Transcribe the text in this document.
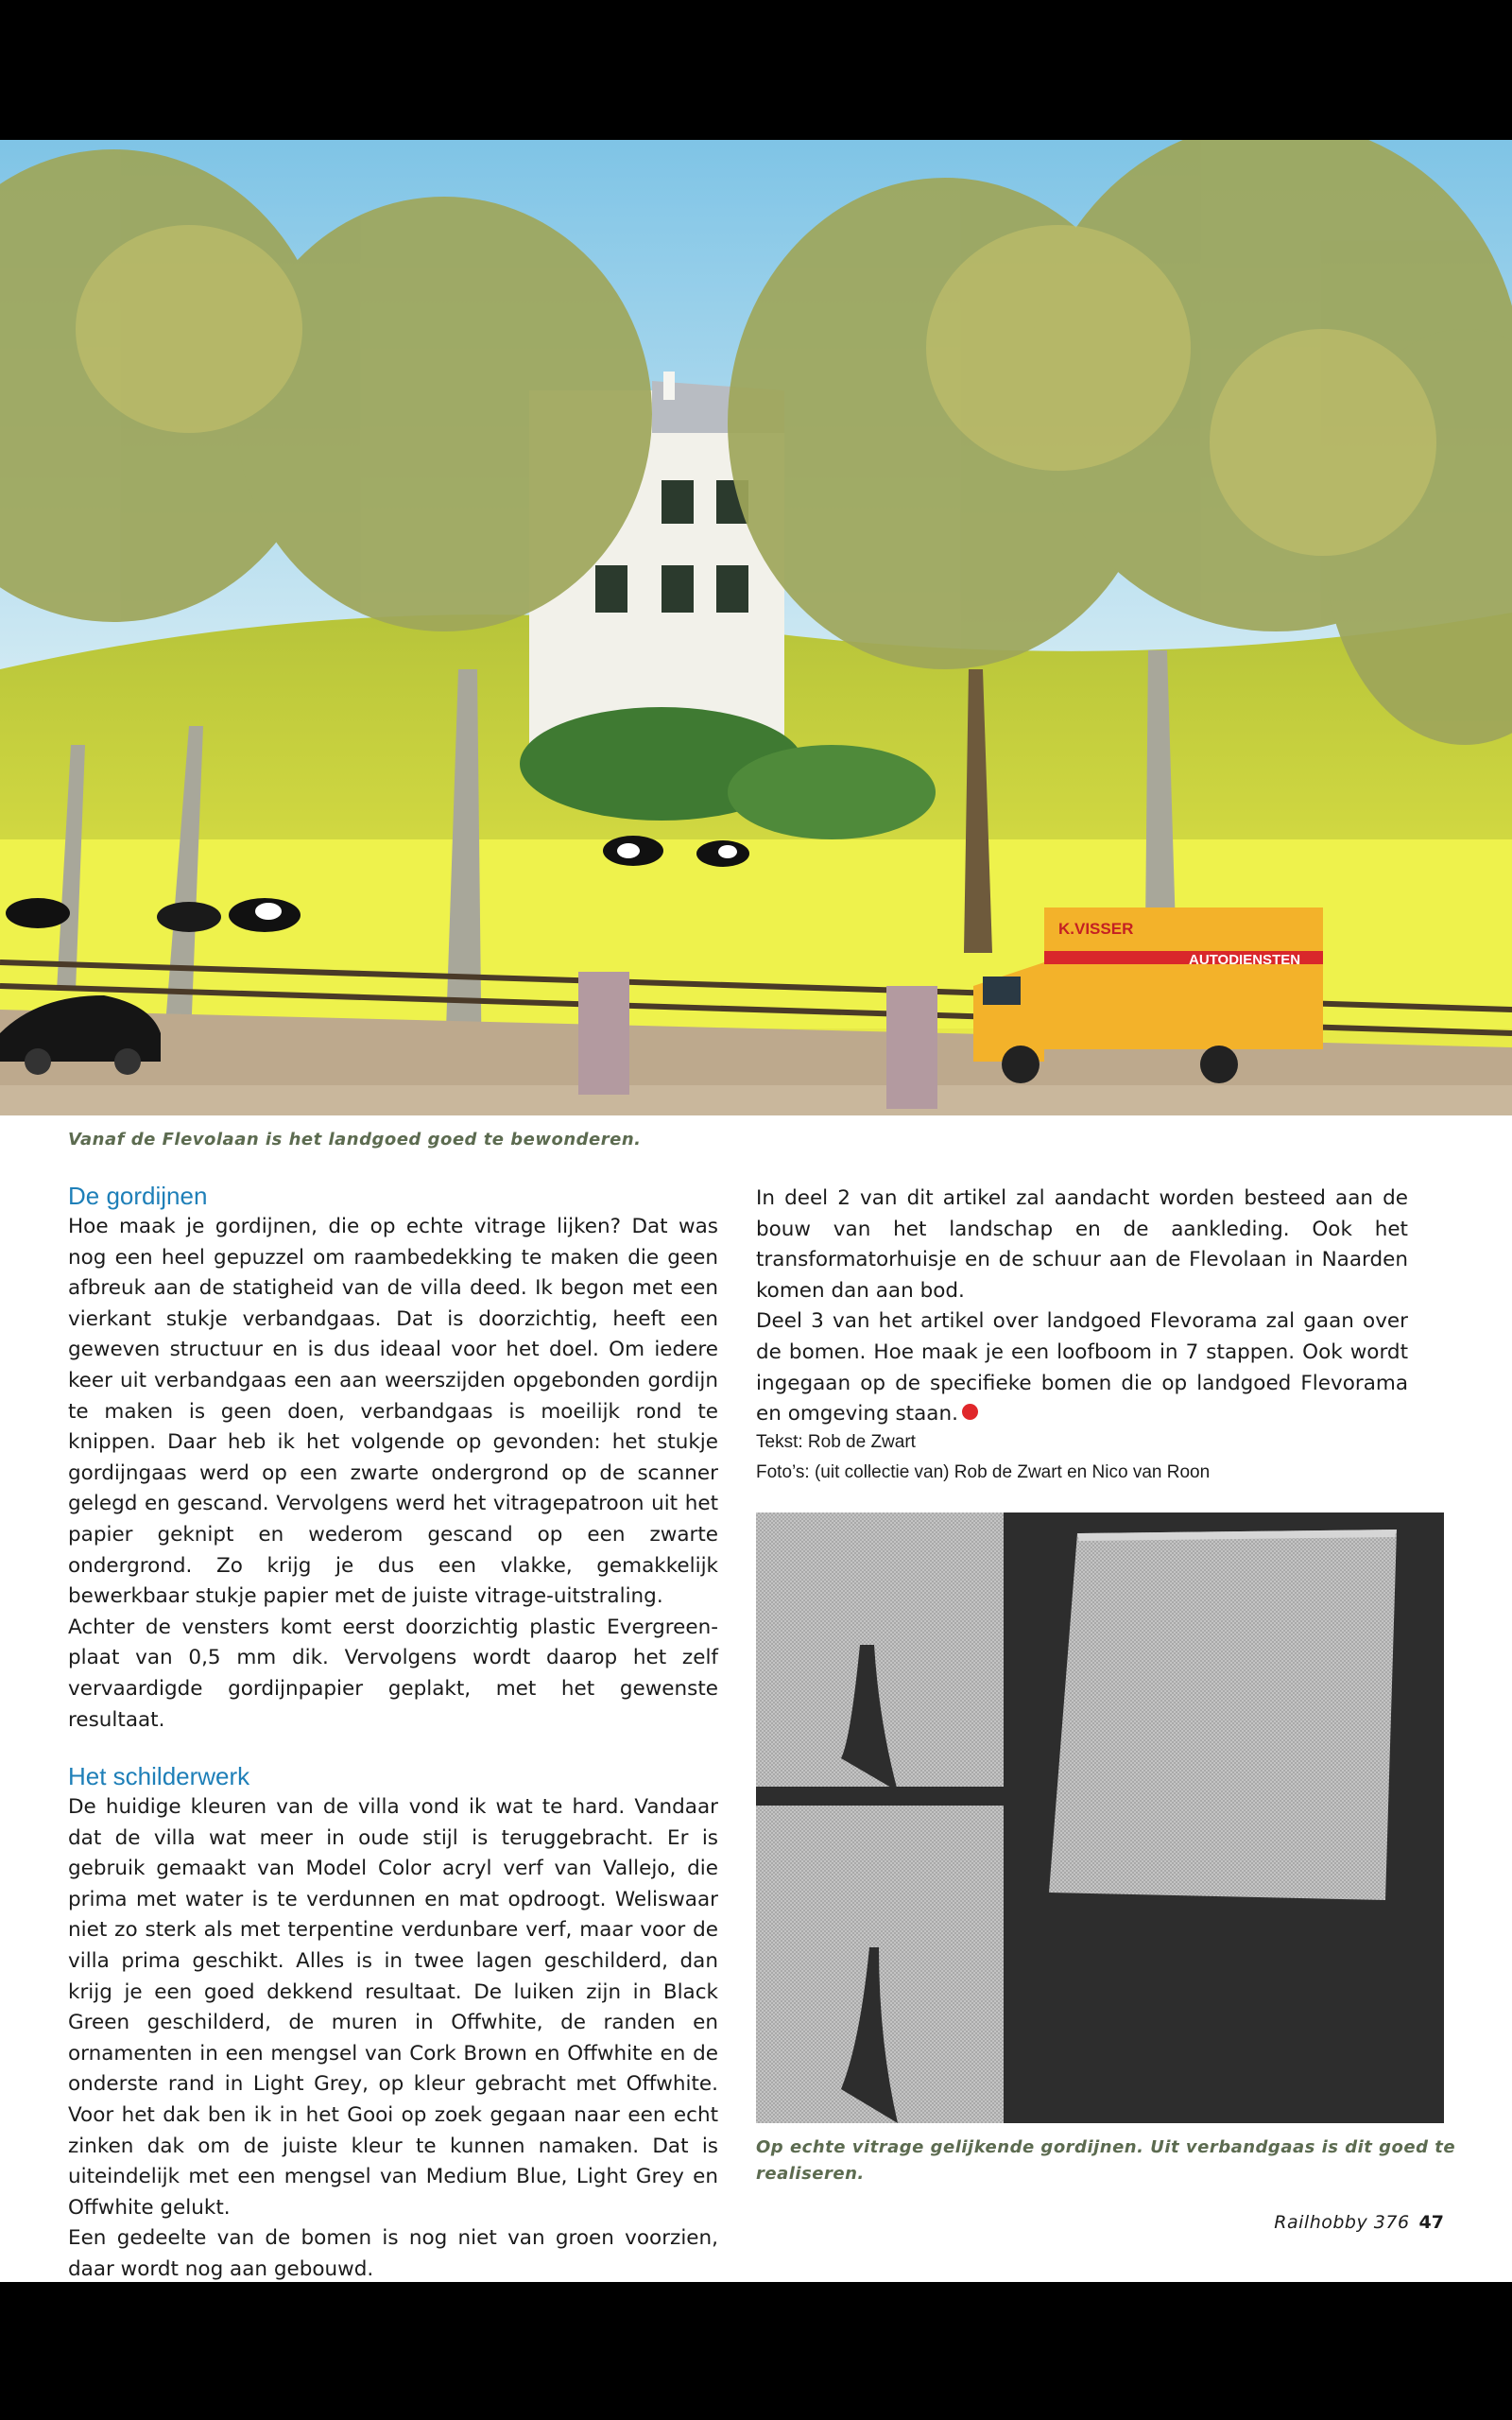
K.VISSER
AUTODIENSTEN
Vanaf de Flevolaan is het landgoed goed te bewonderen.
De gordijnen

Hoe maak je gordijnen, die op echte vitrage lijken? Dat was nog een heel gepuzzel om raambedekking te maken die geen afbreuk aan de statigheid van de villa deed. Ik begon met een vierkant stukje verbandgaas. Dat is doorzichtig, heeft een geweven structuur en is dus ideaal voor het doel. Om iedere keer uit verbandgaas een aan weerszijden opgebonden gordijn te maken is geen doen, verbandgaas is moeilijk rond te knippen. Daar heb ik het volgende op gevonden: het stukje gordijngaas werd op een zwarte ondergrond op de scanner gelegd en gescand. Vervolgens werd het vitragepatroon uit het papier geknipt en wederom gescand op een zwarte ondergrond. Zo krijg je dus een vlakke, gemakkelijk bewerkbaar stukje papier met de juiste vitrage-uitstraling.

Achter de vensters komt eerst doorzichtig plastic Evergreen-plaat van 0,5 mm dik. Vervolgens wordt daarop het zelf vervaardigde gordijnpapier geplakt, met het gewenste resultaat.

Het schilderwerk

De huidige kleuren van de villa vond ik wat te hard. Vandaar dat de villa wat meer in oude stijl is teruggebracht. Er is gebruik gemaakt van Model Color acryl verf van Vallejo, die prima met water is te verdunnen en mat opdroogt. Weliswaar niet zo sterk als met terpentine verdunbare verf, maar voor de villa prima geschikt. Alles is in twee lagen geschilderd, dan krijg je een goed dekkend resultaat. De luiken zijn in Black Green geschilderd, de muren in Offwhite, de randen en ornamenten in een mengsel van Cork Brown en Offwhite en de onderste rand in Light Grey, op kleur gebracht met Offwhite. Voor het dak ben ik in het Gooi op zoek gegaan naar een echt zinken dak om de juiste kleur te kunnen namaken. Dat is uiteindelijk met een mengsel van Medium Blue, Light Grey en Offwhite gelukt.

Een gedeelte van de bomen is nog niet van groen voorzien, daar wordt nog aan gebouwd.

In deel 2 van dit artikel zal aandacht worden besteed aan de bouw van het landschap en de aankleding. Ook het transformatorhuisje en de schuur aan de Flevolaan in Naarden komen dan aan bod.

Deel 3 van het artikel over landgoed Flevorama zal gaan over de bomen. Hoe maak je een loofboom in 7 stappen. Ook wordt ingegaan op de specifieke bomen die op landgoed Flevorama en omgeving staan.

Tekst: Rob de Zwart
Foto’s: (uit collectie van) Rob de Zwart en Nico van Roon
Op echte vitrage gelijkende gordijnen. Uit verbandgaas is dit goed te
realiseren.
Railhobby 376 47
